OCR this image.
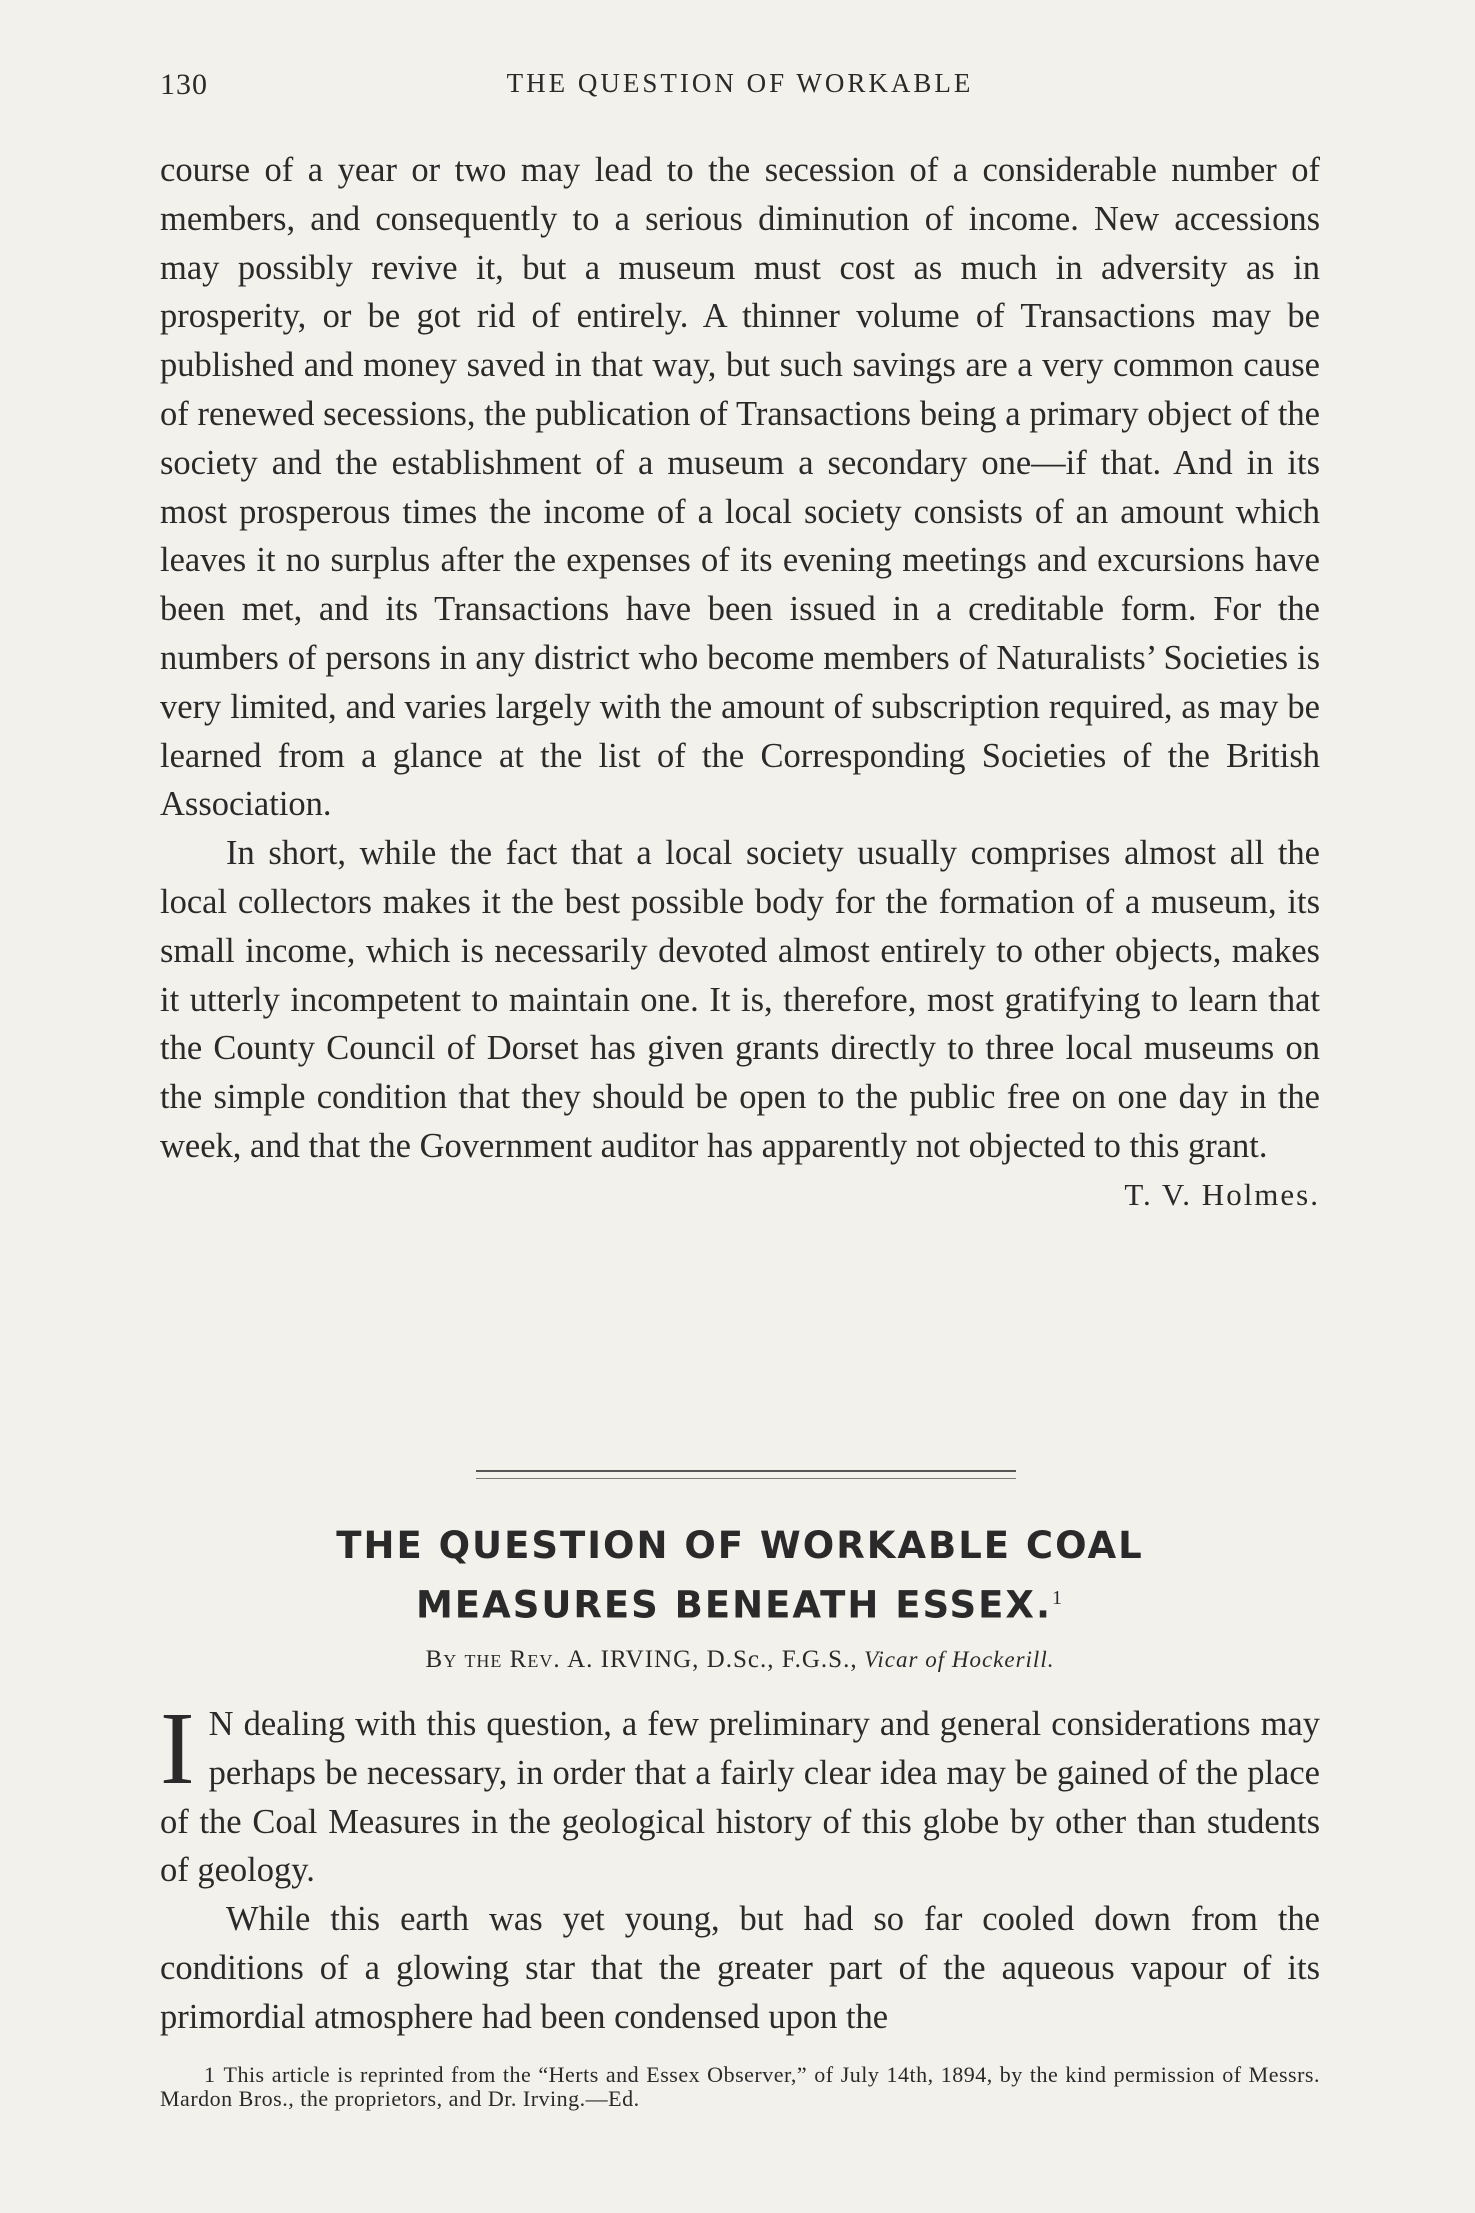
130	THE QUESTION OF WORKABLE

course of a year or two may lead to the secession of a considerable number of members, and consequently to a serious diminution of income. New accessions may possibly revive it, but a museum must cost as much in adversity as in prosperity, or be got rid of entirely. A thinner volume of Transactions may be published and money saved in that way, but such savings are a very common cause of renewed secessions, the publication of Transactions being a primary object of the society and the establishment of a museum a secondary one—if that. And in its most prosperous times the income of a local society consists of an amount which leaves it no surplus after the expenses of its evening meetings and excursions have been met, and its Transactions have been issued in a creditable form. For the numbers of persons in any district who become members of Naturalists’ Societies is very limited, and varies largely with the amount of subscription required, as may be learned from a glance at the list of the Corresponding Societies of the British Association.

In short, while the fact that a local society usually comprises almost all the local collectors makes it the best possible body for the formation of a museum, its small income, which is necessarily devoted almost entirely to other objects, makes it utterly incompetent to maintain one. It is, therefore, most gratifying to learn that the County Council of Dorset has given grants directly to three local museums on the simple condition that they should be open to the public free on one day in the week, and that the Government auditor has apparently not objected to this grant.

T. V. Holmes.

THE QUESTION OF WORKABLE COAL
MEASURES BENEATH ESSEX.$^1$
By the Rev. A. IRVING, D.Sc., F.G.S., Vicar of Hockerill.

I N dealing with this question, a few preliminary and general considerations may perhaps be necessary, in order that a fairly clear idea may be gained of the place of the Coal Measures in the geological history of this globe by other than students of geology.

While this earth was yet young, but had so far cooled down from the conditions of a glowing star that the greater part of the aqueous vapour of its primordial atmosphere had been condensed upon the

1 This article is reprinted from the “Herts and Essex Observer,” of July 14th, 1894, by the kind permission of Messrs. Mardon Bros., the proprietors, and Dr. Irving.—Ed.
